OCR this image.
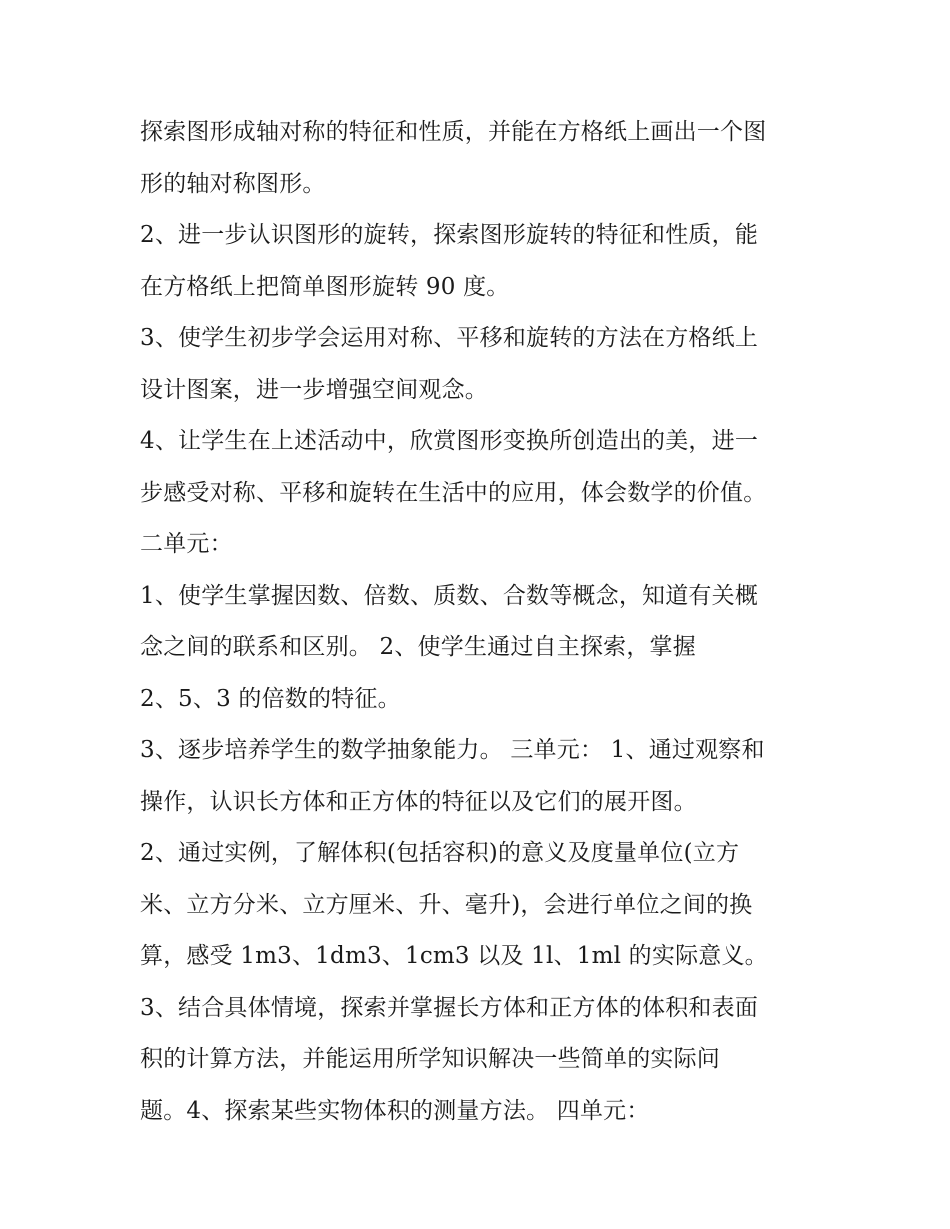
探索图形成轴对称的特征和性质，并能在方格纸上画出一个图
形的轴对称图形。
2、进一步认识图形的旋转，探索图形旋转的特征和性质，能
在方格纸上把简单图形旋转 90 度。
3、使学生初步学会运用对称、平移和旋转的方法在方格纸上
设计图案，进一步增强空间观念。
4、让学生在上述活动中，欣赏图形变换所创造出的美，进一
步感受对称、平移和旋转在生活中的应用，体会数学的价值。
二单元：
1、使学生掌握因数、倍数、质数、合数等概念，知道有关概
念之间的联系和区别。 2、使学生通过自主探索，掌握
2、5、3 的倍数的特征。
3、逐步培养学生的数学抽象能力。 三单元： 1、通过观察和
操作，认识长方体和正方体的特征以及它们的展开图。
2、通过实例，了解体积(包括容积)的意义及度量单位(立方
米、立方分米、立方厘米、升、毫升)，会进行单位之间的换
算，感受 1m3、1dm3、1cm3 以及 1l、1ml 的实际意义。
3、结合具体情境，探索并掌握长方体和正方体的体积和表面
积的计算方法，并能运用所学知识解决一些简单的实际问
题。4、探索某些实物体积的测量方法。 四单元：
